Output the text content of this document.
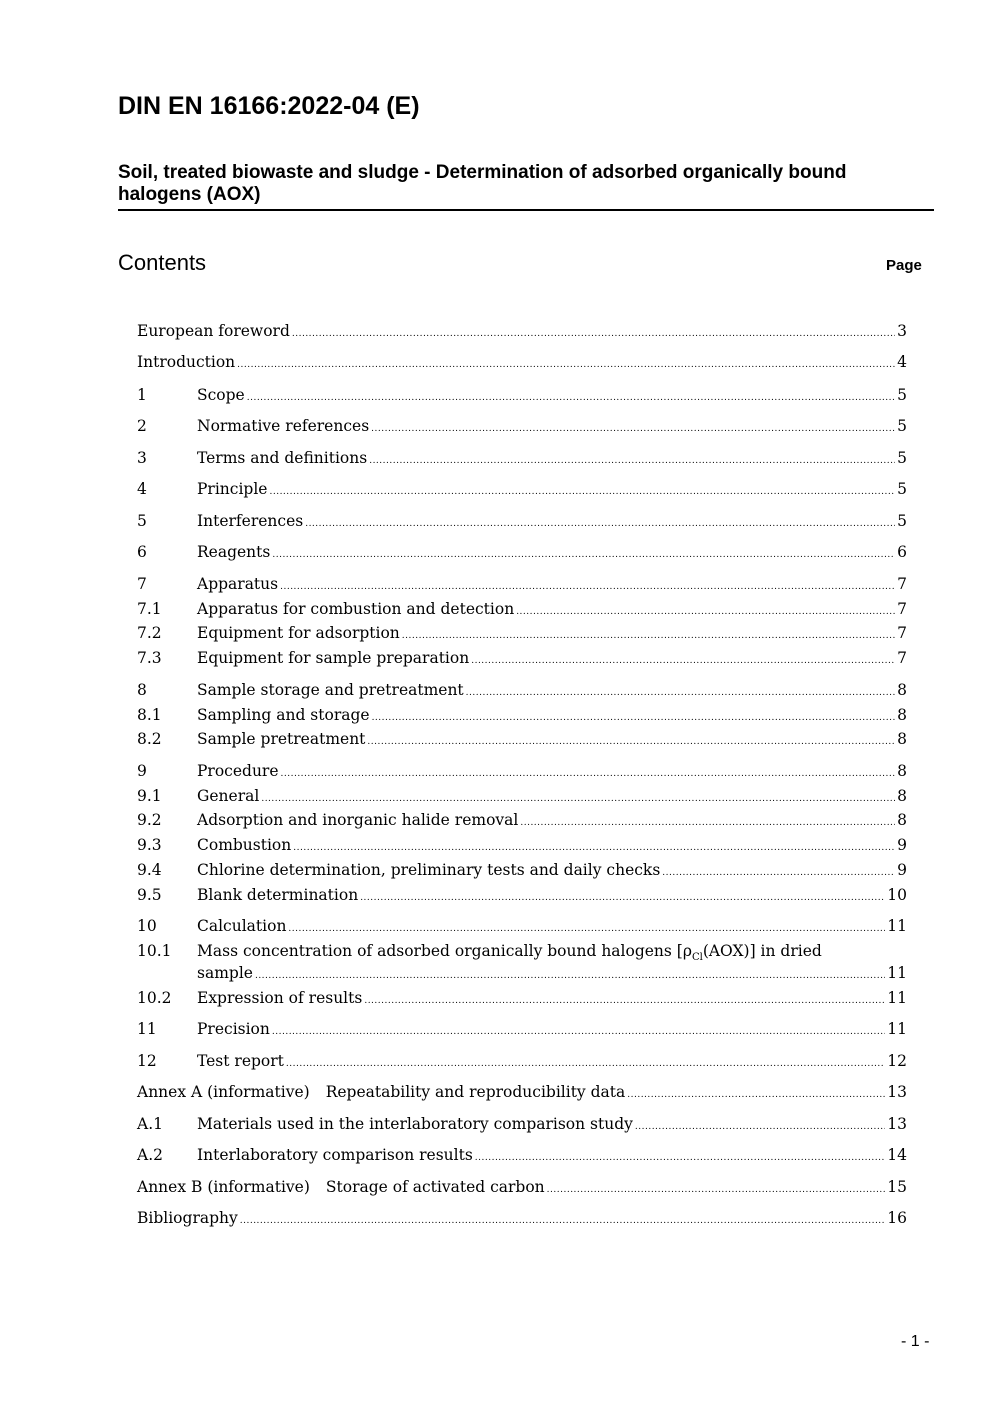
DIN EN 16166:2022-04 (E)
Soil, treated biowaste and sludge - Determination of adsorbed organically bound halogens (AOX)
Contents	Page
European foreword .....	3
Introduction .....	4
1	Scope .....	5
2	Normative references .....	5
3	Terms and definitions .....	5
4	Principle .....	5
5	Interferences .....	5
6	Reagents .....	6
7	Apparatus .....	7
7.1 Apparatus for combustion and detection .....	7
7.2 Equipment for adsorption .....	7
7.3 Equipment for sample preparation .....	7
8	Sample storage and pretreatment .....	8
8.1 Sampling and storage .....	8
8.2 Sample pretreatment .....	8
9	Procedure .....	8
9.1 General .....	8
9.2 Adsorption and inorganic halide removal .....	8
9.3 Combustion .....	9
9.4 Chlorine determination, preliminary tests and daily checks .....	9
9.5 Blank determination .....	10
10	Calculation .....	11
10.1 Mass concentration of adsorbed organically bound halogens $[\rho_{Cl}(AOX)]$ in dried
sample .....	11
10.2 Expression of results .....	11
11	Precision .....	11
12	Test report .....	12
Annex A (informative) Repeatability and reproducibility data .....	13
A.1 Materials used in the interlaboratory comparison study .....	13
A.2 Interlaboratory comparison results .....	14
Annex B (informative) Storage of activated carbon .....	15
Bibliography .....	16
- 1 -
